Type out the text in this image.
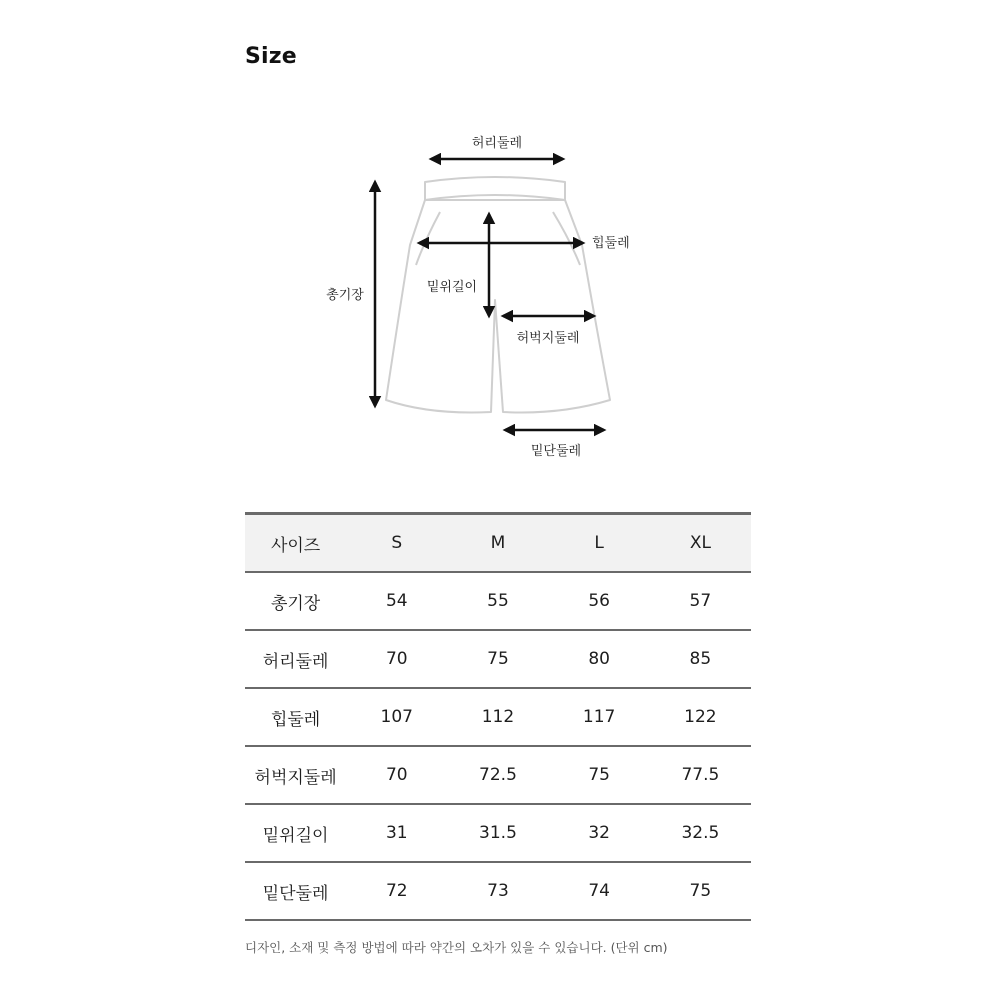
Size
허리둘레
힙둘레
총기장
밑위길이
허벅지둘레
밑단둘레
사이즈	S	M	L	XL
총기장	54	55	56	57
허리둘레	70	75	80	85
힙둘레	107	112	117	122
허벅지둘레	70	72.5	75	77.5
밑위길이	31	31.5	32	32.5
밑단둘레	72	73	74	75
디자인, 소재 및 측정 방법에 따라 약간의 오차가 있을 수 있습니다. (단위 cm)
